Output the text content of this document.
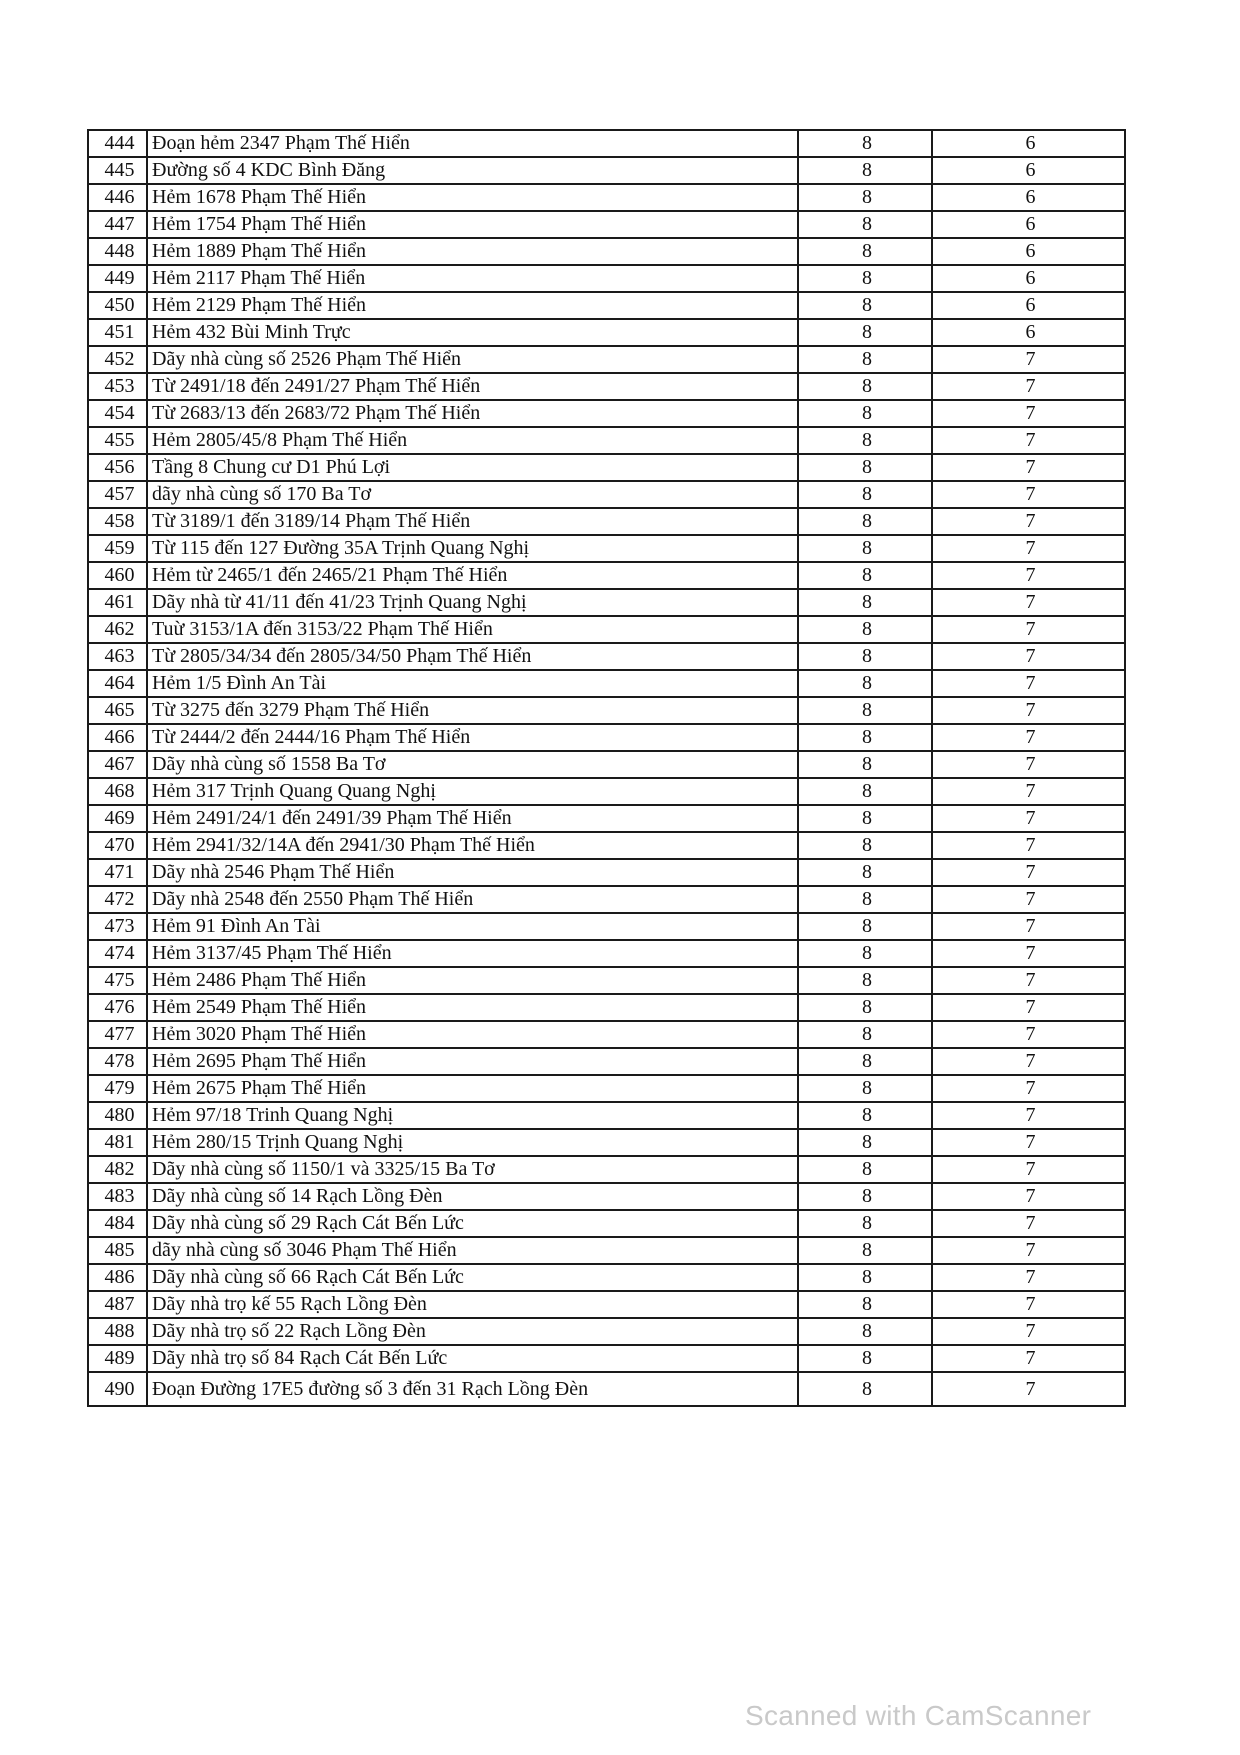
444	Đoạn hẻm 2347 Phạm Thế Hiển	8	6
445	Đường số 4 KDC Bình Đăng	8	6
446	Hẻm 1678 Phạm Thế Hiển	8	6
447	Hẻm 1754 Phạm Thế Hiển	8	6
448	Hẻm 1889 Phạm Thế Hiển	8	6
449	Hẻm 2117 Phạm Thế Hiển	8	6
450	Hẻm 2129 Phạm Thế Hiển	8	6
451	Hẻm 432 Bùi Minh Trực	8	6
452	Dãy nhà cùng số 2526 Phạm Thế Hiển	8	7
453	Từ 2491/18 đến 2491/27 Phạm Thế Hiển	8	7
454	Từ 2683/13 đến 2683/72 Phạm Thế Hiển	8	7
455	Hẻm 2805/45/8 Phạm Thế Hiển	8	7
456	Tầng 8 Chung cư D1 Phú Lợi	8	7
457	dãy nhà cùng số 170 Ba Tơ	8	7
458	Từ 3189/1 đến 3189/14 Phạm Thế Hiển	8	7
459	Từ 115 đến 127 Đường 35A Trịnh Quang Nghị	8	7
460	Hẻm từ 2465/1 đến 2465/21 Phạm Thế Hiển	8	7
461	Dãy nhà từ 41/11 đến 41/23 Trịnh Quang Nghị	8	7
462	Tuừ 3153/1A đến 3153/22 Phạm Thế Hiển	8	7
463	Từ 2805/34/34 đến 2805/34/50 Phạm Thế Hiển	8	7
464	Hẻm 1/5 Đình An Tài	8	7
465	Từ 3275 đến 3279 Phạm Thế Hiển	8	7
466	Từ 2444/2 đến 2444/16 Phạm Thế Hiển	8	7
467	Dãy nhà cùng số 1558 Ba Tơ	8	7
468	Hẻm 317 Trịnh Quang Quang Nghị	8	7
469	Hẻm 2491/24/1 đến 2491/39 Phạm Thế Hiển	8	7
470	Hẻm 2941/32/14A đến 2941/30 Phạm Thế Hiển	8	7
471	Dãy nhà 2546 Phạm Thế Hiển	8	7
472	Dãy nhà 2548 đến 2550 Phạm Thế Hiển	8	7
473	Hẻm 91 Đình An Tài	8	7
474	Hẻm 3137/45 Phạm Thế Hiển	8	7
475	Hẻm 2486 Phạm Thế Hiển	8	7
476	Hẻm 2549 Phạm Thế Hiển	8	7
477	Hẻm 3020 Phạm Thế Hiển	8	7
478	Hẻm 2695 Phạm Thế Hiển	8	7
479	Hẻm 2675 Phạm Thế Hiển	8	7
480	Hẻm 97/18 Trinh Quang Nghị	8	7
481	Hẻm 280/15 Trịnh Quang Nghị	8	7
482	Dãy nhà cùng số 1150/1 và 3325/15 Ba Tơ	8	7
483	Dãy nhà cùng số 14 Rạch Lồng Đèn	8	7
484	Dãy nhà cùng số 29 Rạch Cát Bến Lức	8	7
485	dãy nhà cùng số 3046 Phạm Thế Hiển	8	7
486	Dãy nhà cùng số 66 Rạch Cát Bến Lức	8	7
487	Dãy nhà trọ kế 55 Rạch Lồng Đèn	8	7
488	Dãy nhà trọ số 22 Rạch Lồng Đèn	8	7
489	Dãy nhà trọ số 84 Rạch Cát Bến Lức	8	7
490	Đoạn Đường 17E5 đường số 3 đến 31 Rạch Lồng Đèn	8	7
Scanned with CamScanner
